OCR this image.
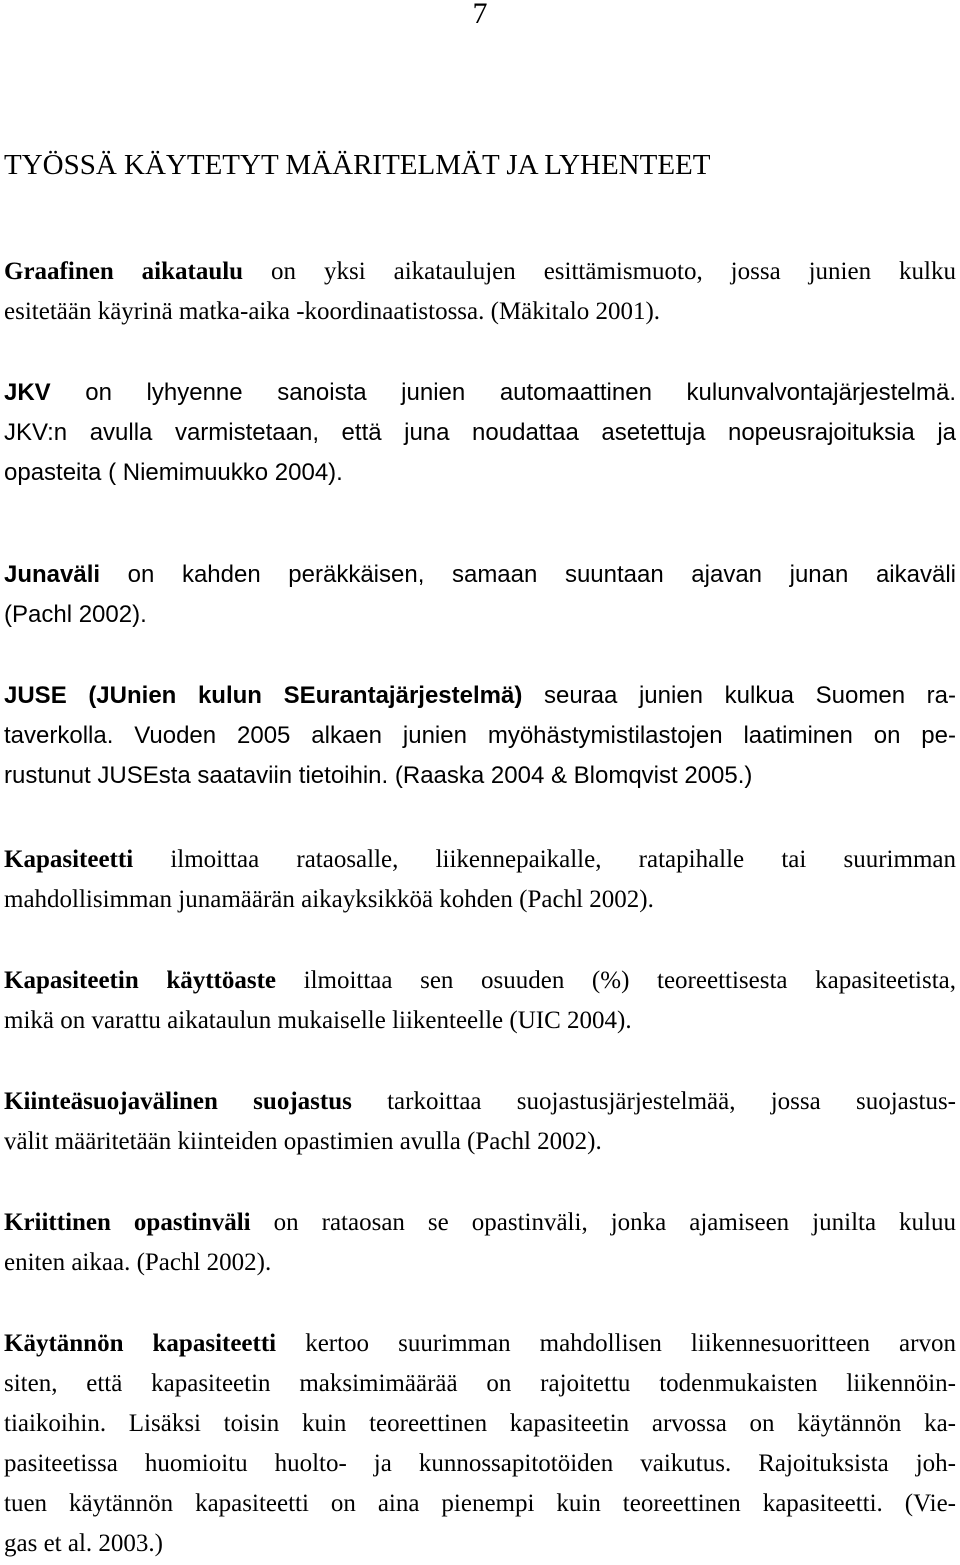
7
TYÖSSÄ KÄYTETYT MÄÄRITELMÄT JA LYHENTEET

Graafinen aikataulu on yksi aikataulujen esittämismuoto, jossa junien kulku
esitetään käyrinä matka-aika -koordinaatistossa. (Mäkitalo 2001).

JKV on lyhyenne sanoista junien automaattinen kulunvalvontajärjestelmä.
JKV:n avulla varmistetaan, että juna noudattaa asetettuja nopeusrajoituksia ja
opasteita ( Niemimuukko 2004).

Junaväli on kahden peräkkäisen, samaan suuntaan ajavan junan aikaväli
(Pachl 2002).

JUSE (JUnien kulun SEurantajärjestelmä) seuraa junien kulkua Suomen ra-
taverkolla. Vuoden 2005 alkaen junien myöhästymistilastojen laatiminen on pe-
rustunut JUSEsta saataviin tietoihin. (Raaska 2004 & Blomqvist 2005.)

Kapasiteetti ilmoittaa rataosalle, liikennepaikalle, ratapihalle tai suurimman
mahdollisimman junamäärän aikayksikköä kohden (Pachl 2002).

Kapasiteetin käyttöaste ilmoittaa sen osuuden (%) teoreettisesta kapasiteetista,
mikä on varattu aikataulun mukaiselle liikenteelle (UIC 2004).

Kiinteäsuojavälinen suojastus tarkoittaa suojastusjärjestelmää, jossa suojastus-
välit määritetään kiinteiden opastimien avulla (Pachl 2002).

Kriittinen opastinväli on rataosan se opastinväli, jonka ajamiseen junilta kuluu
eniten aikaa. (Pachl 2002).

Käytännön kapasiteetti kertoo suurimman mahdollisen liikennesuoritteen arvon
siten, että kapasiteetin maksimimäärää on rajoitettu todenmukaisten liikennöin-
tiaikoihin. Lisäksi toisin kuin teoreettinen kapasiteetin arvossa on käytännön ka-
pasiteetissa huomioitu huolto- ja kunnossapitotöiden vaikutus. Rajoituksista joh-
tuen käytännön kapasiteetti on aina pienempi kuin teoreettinen kapasiteetti. (Vie-
gas et al. 2003.)
